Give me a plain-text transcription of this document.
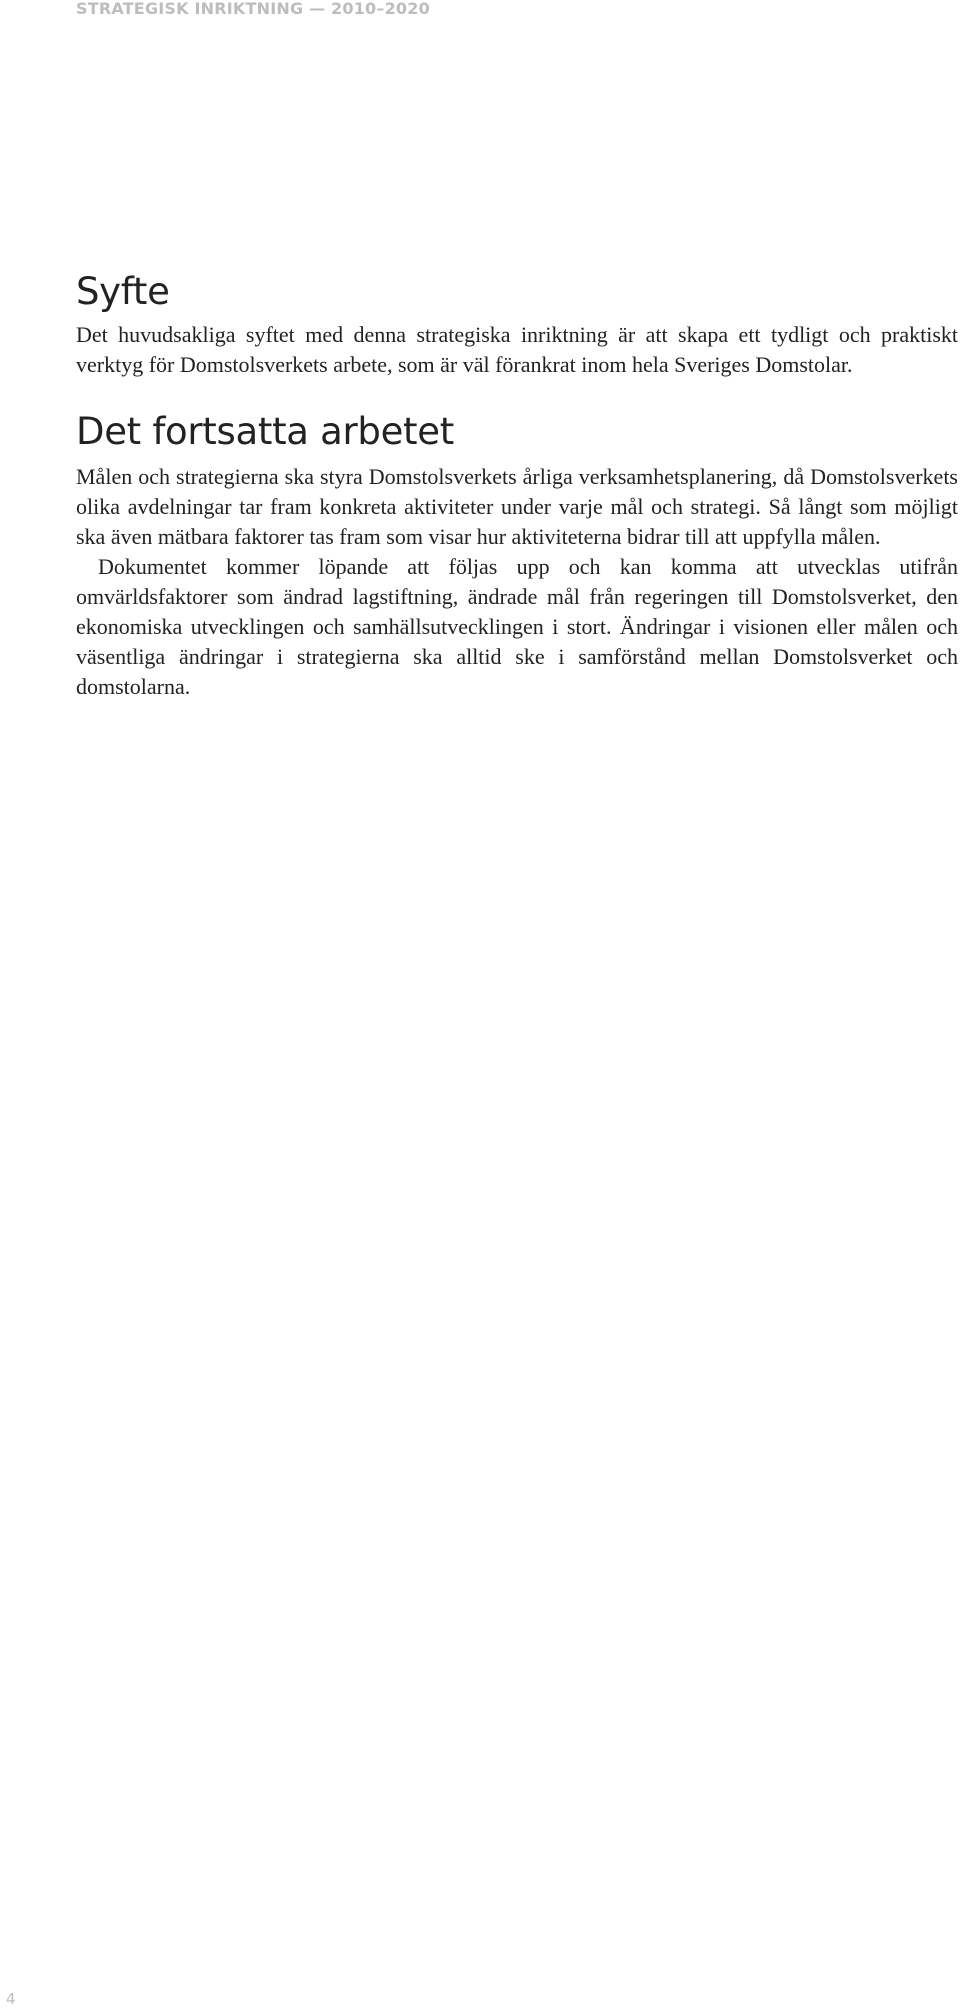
STRATEGISK INRIKTNING — 2010–2020
Syfte

Det huvudsakliga syftet med denna strategiska inriktning är att skapa ett tydligt och praktiskt verktyg för Domstolsverkets arbete, som är väl förankrat inom hela Sveriges Domstolar.

Det fortsatta arbetet

Målen och strategierna ska styra Domstolsverkets årliga verksamhetsplanering, då Domstolsverkets olika avdelningar tar fram konkreta aktiviteter under varje mål och strategi. Så långt som möjligt ska även mätbara faktorer tas fram som visar hur aktiviteterna bidrar till att uppfylla målen.

Dokumentet kommer löpande att följas upp och kan komma att utvecklas utifrån omvärldsfaktorer som ändrad lagstiftning, ändrade mål från regeringen till Domstolsverket, den ekonomiska utvecklingen och samhällsutvecklingen i stort. Ändringar i visionen eller målen och väsentliga ändringar i strategierna ska alltid ske i samförstånd mellan Domstolsverket och domstolarna.

4
